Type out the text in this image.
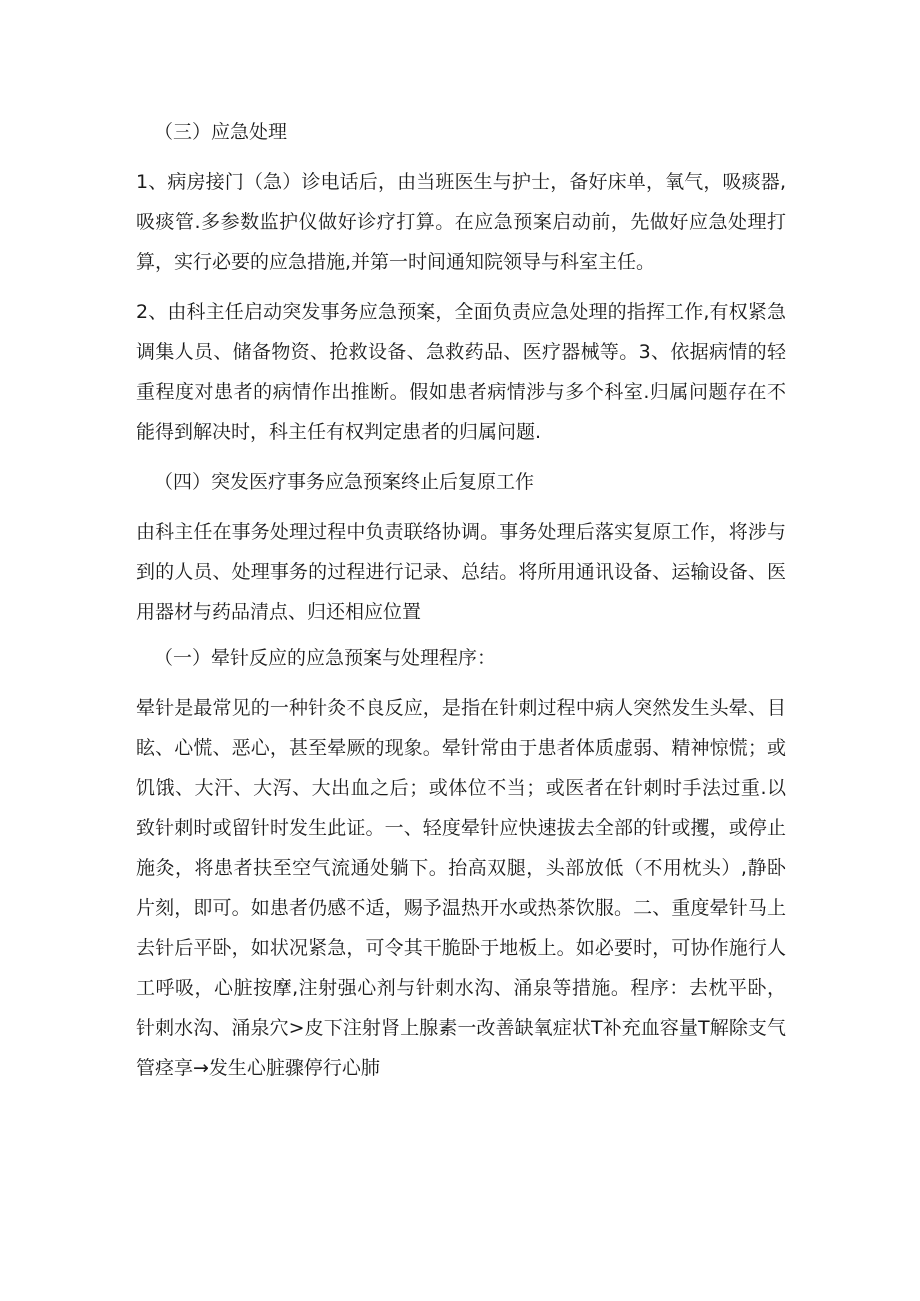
（三）应急处理

1、病房接门（急）诊电话后，由当班医生与护士，备好床单，氧气，吸痰器,吸痰管.多参数监护仪做好诊疗打算。在应急预案启动前，先做好应急处理打算，实行必要的应急措施,并第一时间通知院领导与科室主任。

2、由科主任启动突发事务应急预案，全面负责应急处理的指挥工作,有权紧急调集人员、储备物资、抢救设备、急救药品、医疗器械等。3、依据病情的轻重程度对患者的病情作出推断。假如患者病情涉与多个科室.归属问题存在不能得到解决时，科主任有权判定患者的归属问题.

（四）突发医疗事务应急预案终止后复原工作

由科主任在事务处理过程中负责联络协调。事务处理后落实复原工作，将涉与到的人员、处理事务的过程进行记录、总结。将所用通讯设备、运输设备、医用器材与药品清点、归还相应位置

（一）晕针反应的应急预案与处理程序：

晕针是最常见的一种针灸不良反应，是指在针刺过程中病人突然发生头晕、目眩、心慌、恶心，甚至晕厥的现象。晕针常由于患者体质虚弱、精神惊慌；或饥饿、大汗、大泻、大出血之后；或体位不当；或医者在针刺时手法过重.以致针刺时或留针时发生此证。一、轻度晕针应快速拔去全部的针或攫，或停止施灸，将患者扶至空气流通处躺下。抬高双腿，头部放低（不用枕头）,静卧片刻，即可。如患者仍感不适，赐予温热开水或热茶饮服。二、重度晕针马上去针后平卧，如状况紧急，可令其干脆卧于地板上。如必要时，可协作施行人工呼吸，心脏按摩,注射强心剂与针刺水沟、涌泉等措施。程序：去枕平卧，针刺水沟、涌泉穴>皮下注射肾上腺素一改善缺氧症状T补充血容量T解除支气管痉享→发生心脏骤停行心肺
